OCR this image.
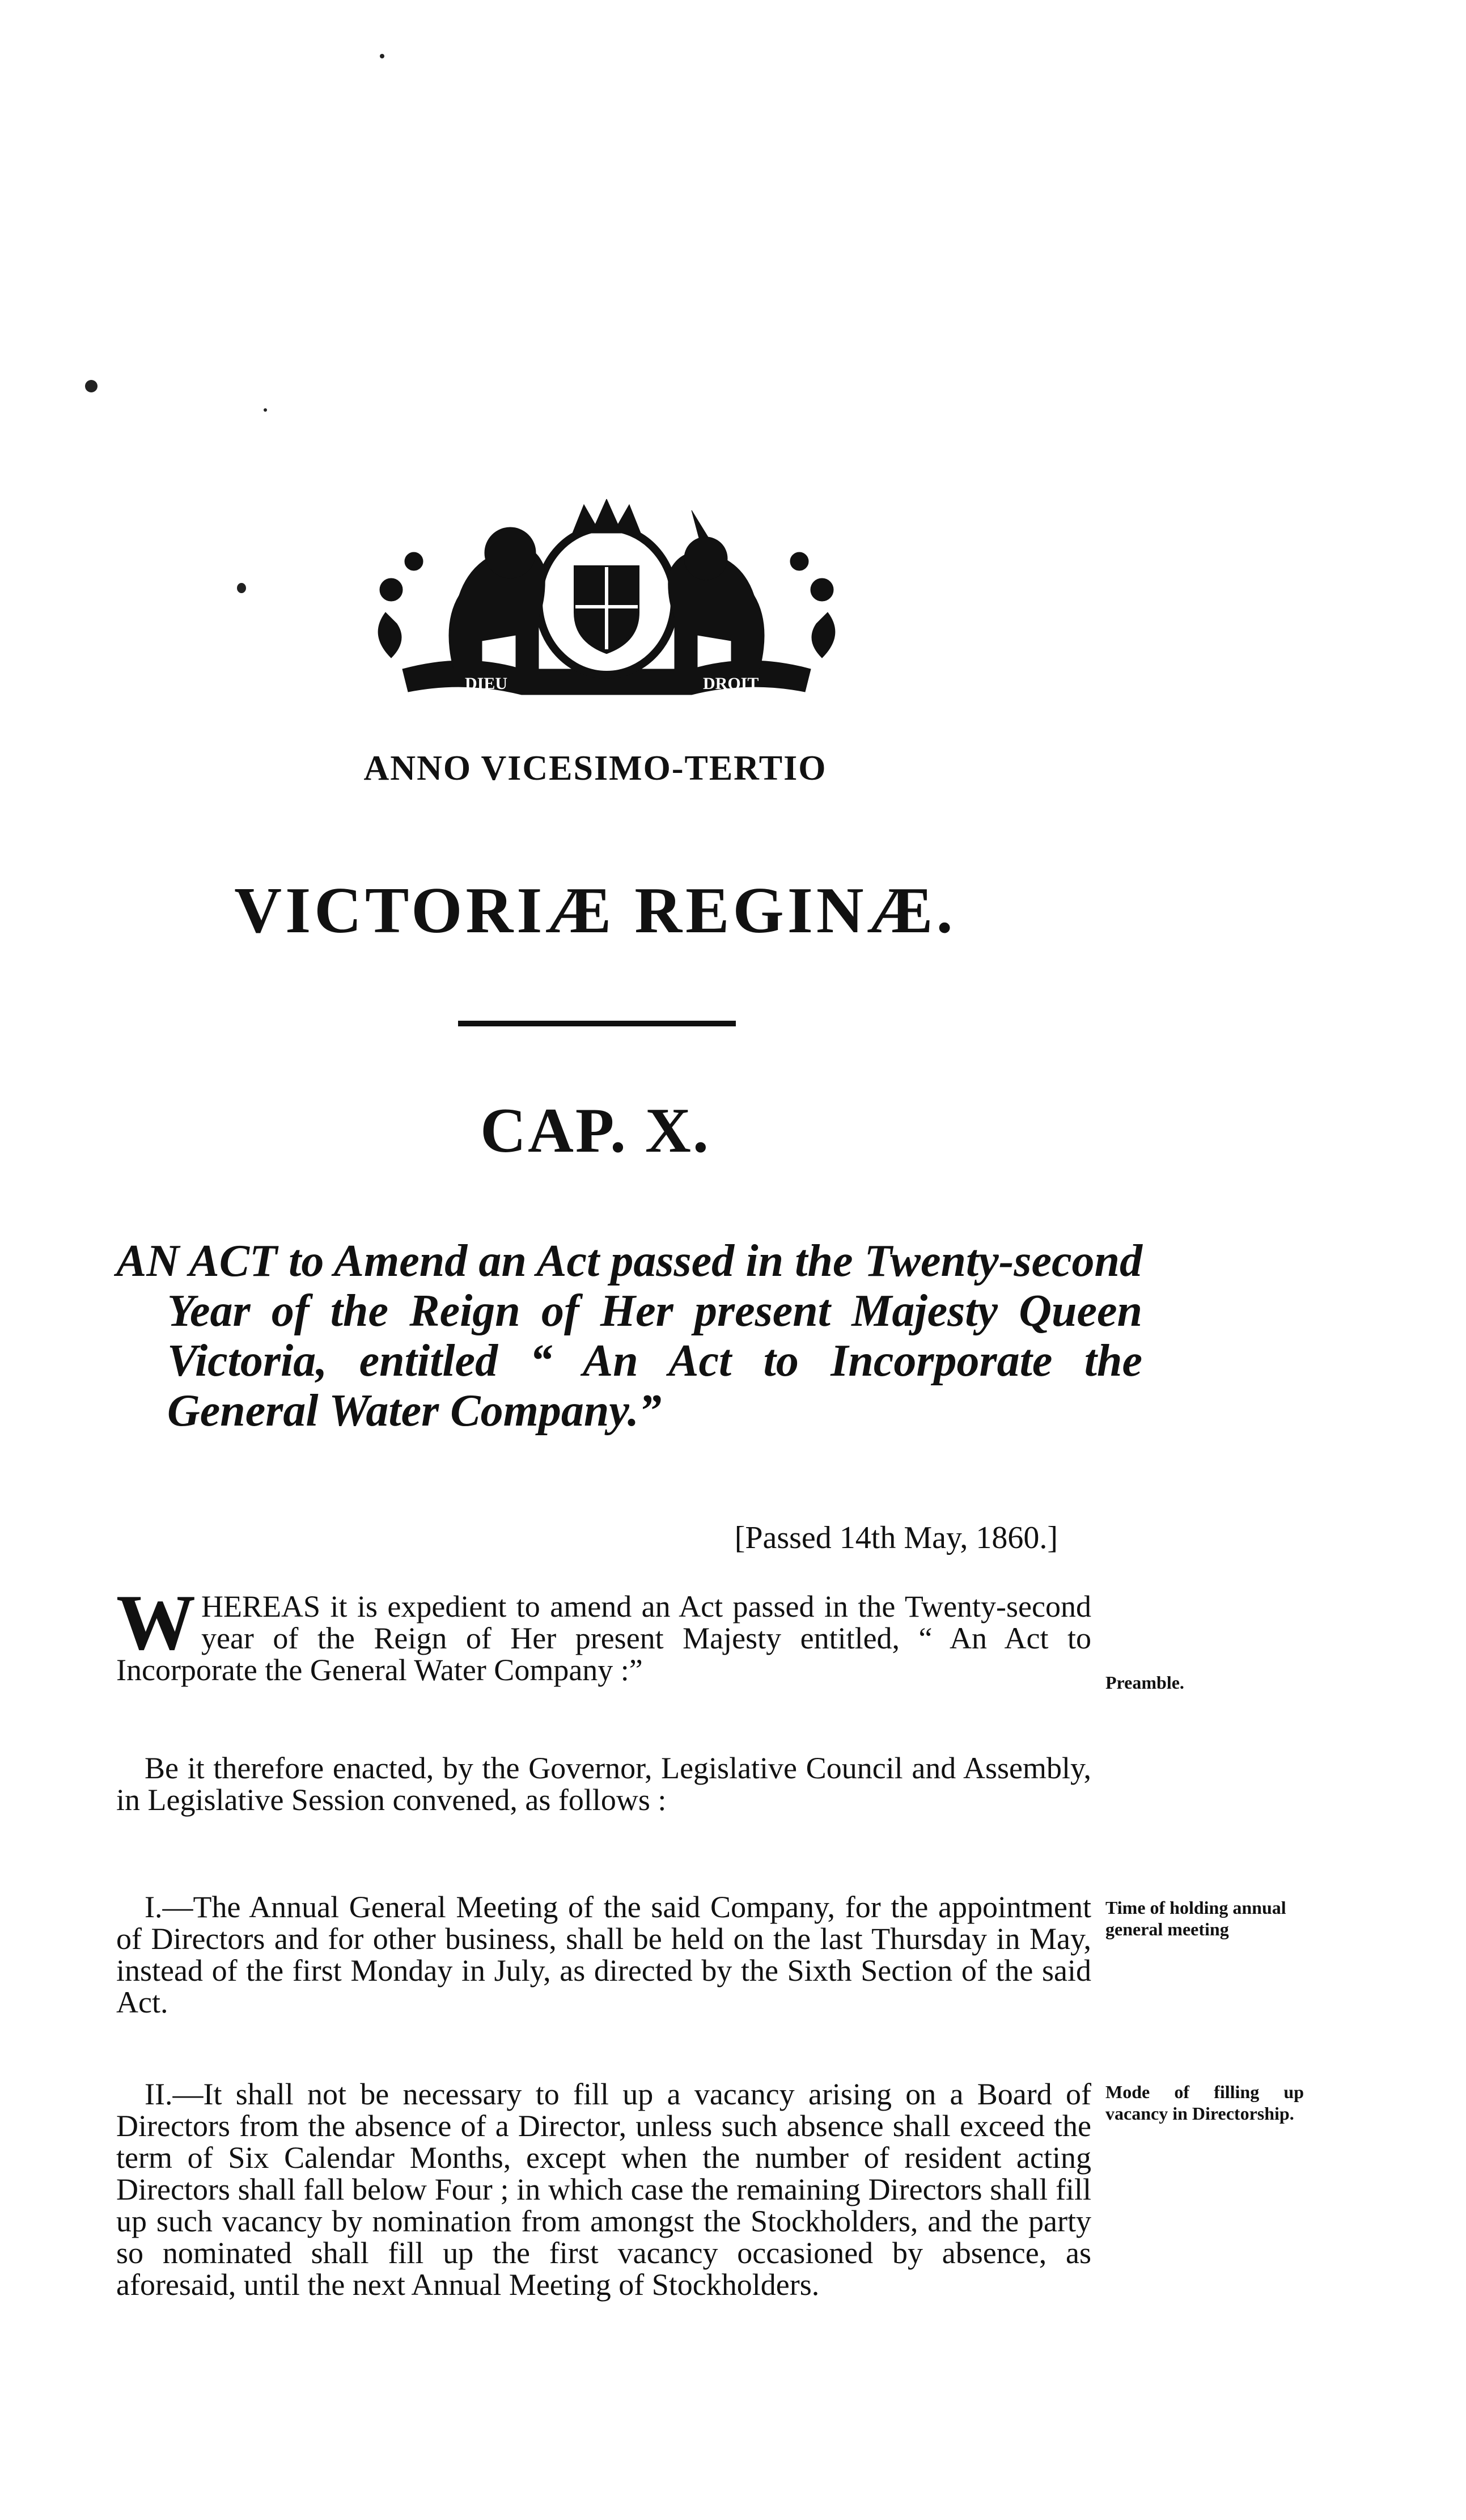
DIEU	DROIT
ANNO VICESIMO-TERTIO
VICTORIÆ REGINÆ.
CAP. X.
AN ACT to Amend an Act passed in the Twenty-second Year of the Reign of Her present Majesty Queen Victoria, entitled “ An Act to Incorporate the General Water Company.”
[Passed 14th May, 1860.]
W HEREAS it is expedient to amend an Act passed in the Twenty-second year of the Reign of Her present Majesty entitled, “ An Act to Incorporate the General Water Company :”	Preamble.
Be it therefore enacted, by the Governor, Legislative Council and Assembly, in Legislative Session convened, as follows :
I.—The Annual General Meeting of the said Company, for the appointment of Directors and for other business, shall be held on the last Thursday in May, instead of the first Monday in July, as directed by the Sixth Section of the said Act.
Time of holding annual general meeting
II.—It shall not be necessary to fill up a vacancy arising on a Board of Directors from the absence of a Director, unless such absence shall exceed the term of Six Calendar Months, except when the number of resident acting Directors shall fall below Four ; in which case the remaining Directors shall fill up such vacancy by nomination from amongst the Stockholders, and the party so nominated shall fill up the first vacancy occasioned by absence, as aforesaid, until the next Annual Meeting of Stockholders.
Mode of filling up vacancy in Directorship.
